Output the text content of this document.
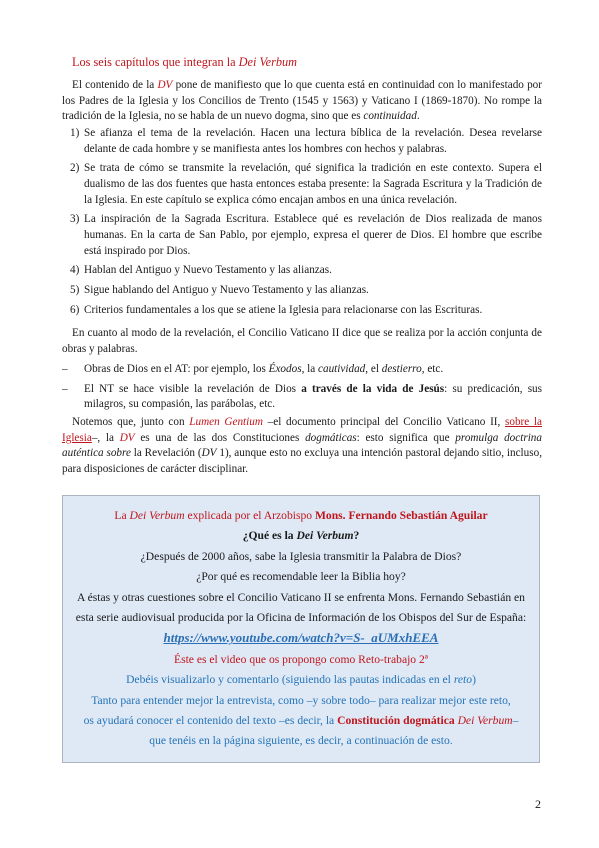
Los seis capítulos que integran la Dei Verbum

El contenido de la DV pone de manifiesto que lo que cuenta está en continuidad con lo manifestado por los Padres de la Iglesia y los Concilios de Trento (1545 y 1563) y Vaticano I (1869-1870). No rompe la tradición de la Iglesia, no se habla de un nuevo dogma, sino que es continuidad.

1) Se afianza el tema de la revelación. Hacen una lectura bíblica de la revelación. Desea revelarse delante de cada hombre y se manifiesta antes los hombres con hechos y palabras.
2) Se trata de cómo se transmite la revelación, qué significa la tradición en este contexto. Supera el dualismo de las dos fuentes que hasta entonces estaba presente: la Sagrada Escritura y la Tradición de la Iglesia. En este capítulo se explica cómo encajan ambos en una única revelación.
3) La inspiración de la Sagrada Escritura. Establece qué es revelación de Dios realizada de manos humanas. En la carta de San Pablo, por ejemplo, expresa el querer de Dios. El hombre que escribe está inspirado por Dios.
4) Hablan del Antiguo y Nuevo Testamento y las alianzas.
5) Sigue hablando del Antiguo y Nuevo Testamento y las alianzas.
6) Criterios fundamentales a los que se atiene la Iglesia para relacionarse con las Escrituras.

En cuanto al modo de la revelación, el Concilio Vaticano II dice que se realiza por la acción conjunta de obras y palabras.

– Obras de Dios en el AT: por ejemplo, los Éxodos, la cautividad, el destierro, etc.
– El NT se hace visible la revelación de Dios a través de la vida de Jesús: su predicación, sus milagros, su compasión, las parábolas, etc.

Notemos que, junto con Lumen Gentium –el documento principal del Concilio Vaticano II, sobre la Iglesia–, la DV es una de las dos Constituciones dogmáticas: esto significa que promulga doctrina auténtica sobre la Revelación (DV 1), aunque esto no excluya una intención pastoral dejando sitio, incluso, para disposiciones de carácter disciplinar.

La Dei Verbum explicada por el Arzobispo Mons. Fernando Sebastián Aguilar
¿Qué es la Dei Verbum?
¿Después de 2000 años, sabe la Iglesia transmitir la Palabra de Dios?
¿Por qué es recomendable leer la Biblia hoy?
A éstas y otras cuestiones sobre el Concilio Vaticano II se enfrenta Mons. Fernando Sebastián en
esta serie audiovisual producida por la Oficina de Información de los Obispos del Sur de España:
https://www.youtube.com/watch?v=S-_aUMxhEEA
Éste es el video que os propongo como Reto-trabajo 2ª
Debéis visualizarlo y comentarlo (siguiendo las pautas indicadas en el reto)
Tanto para entender mejor la entrevista, como –y sobre todo– para realizar mejor este reto,
os ayudará conocer el contenido del texto –es decir, la Constitución dogmática Dei Verbum–
que tenéis en la página siguiente, es decir, a continuación de esto.
2
